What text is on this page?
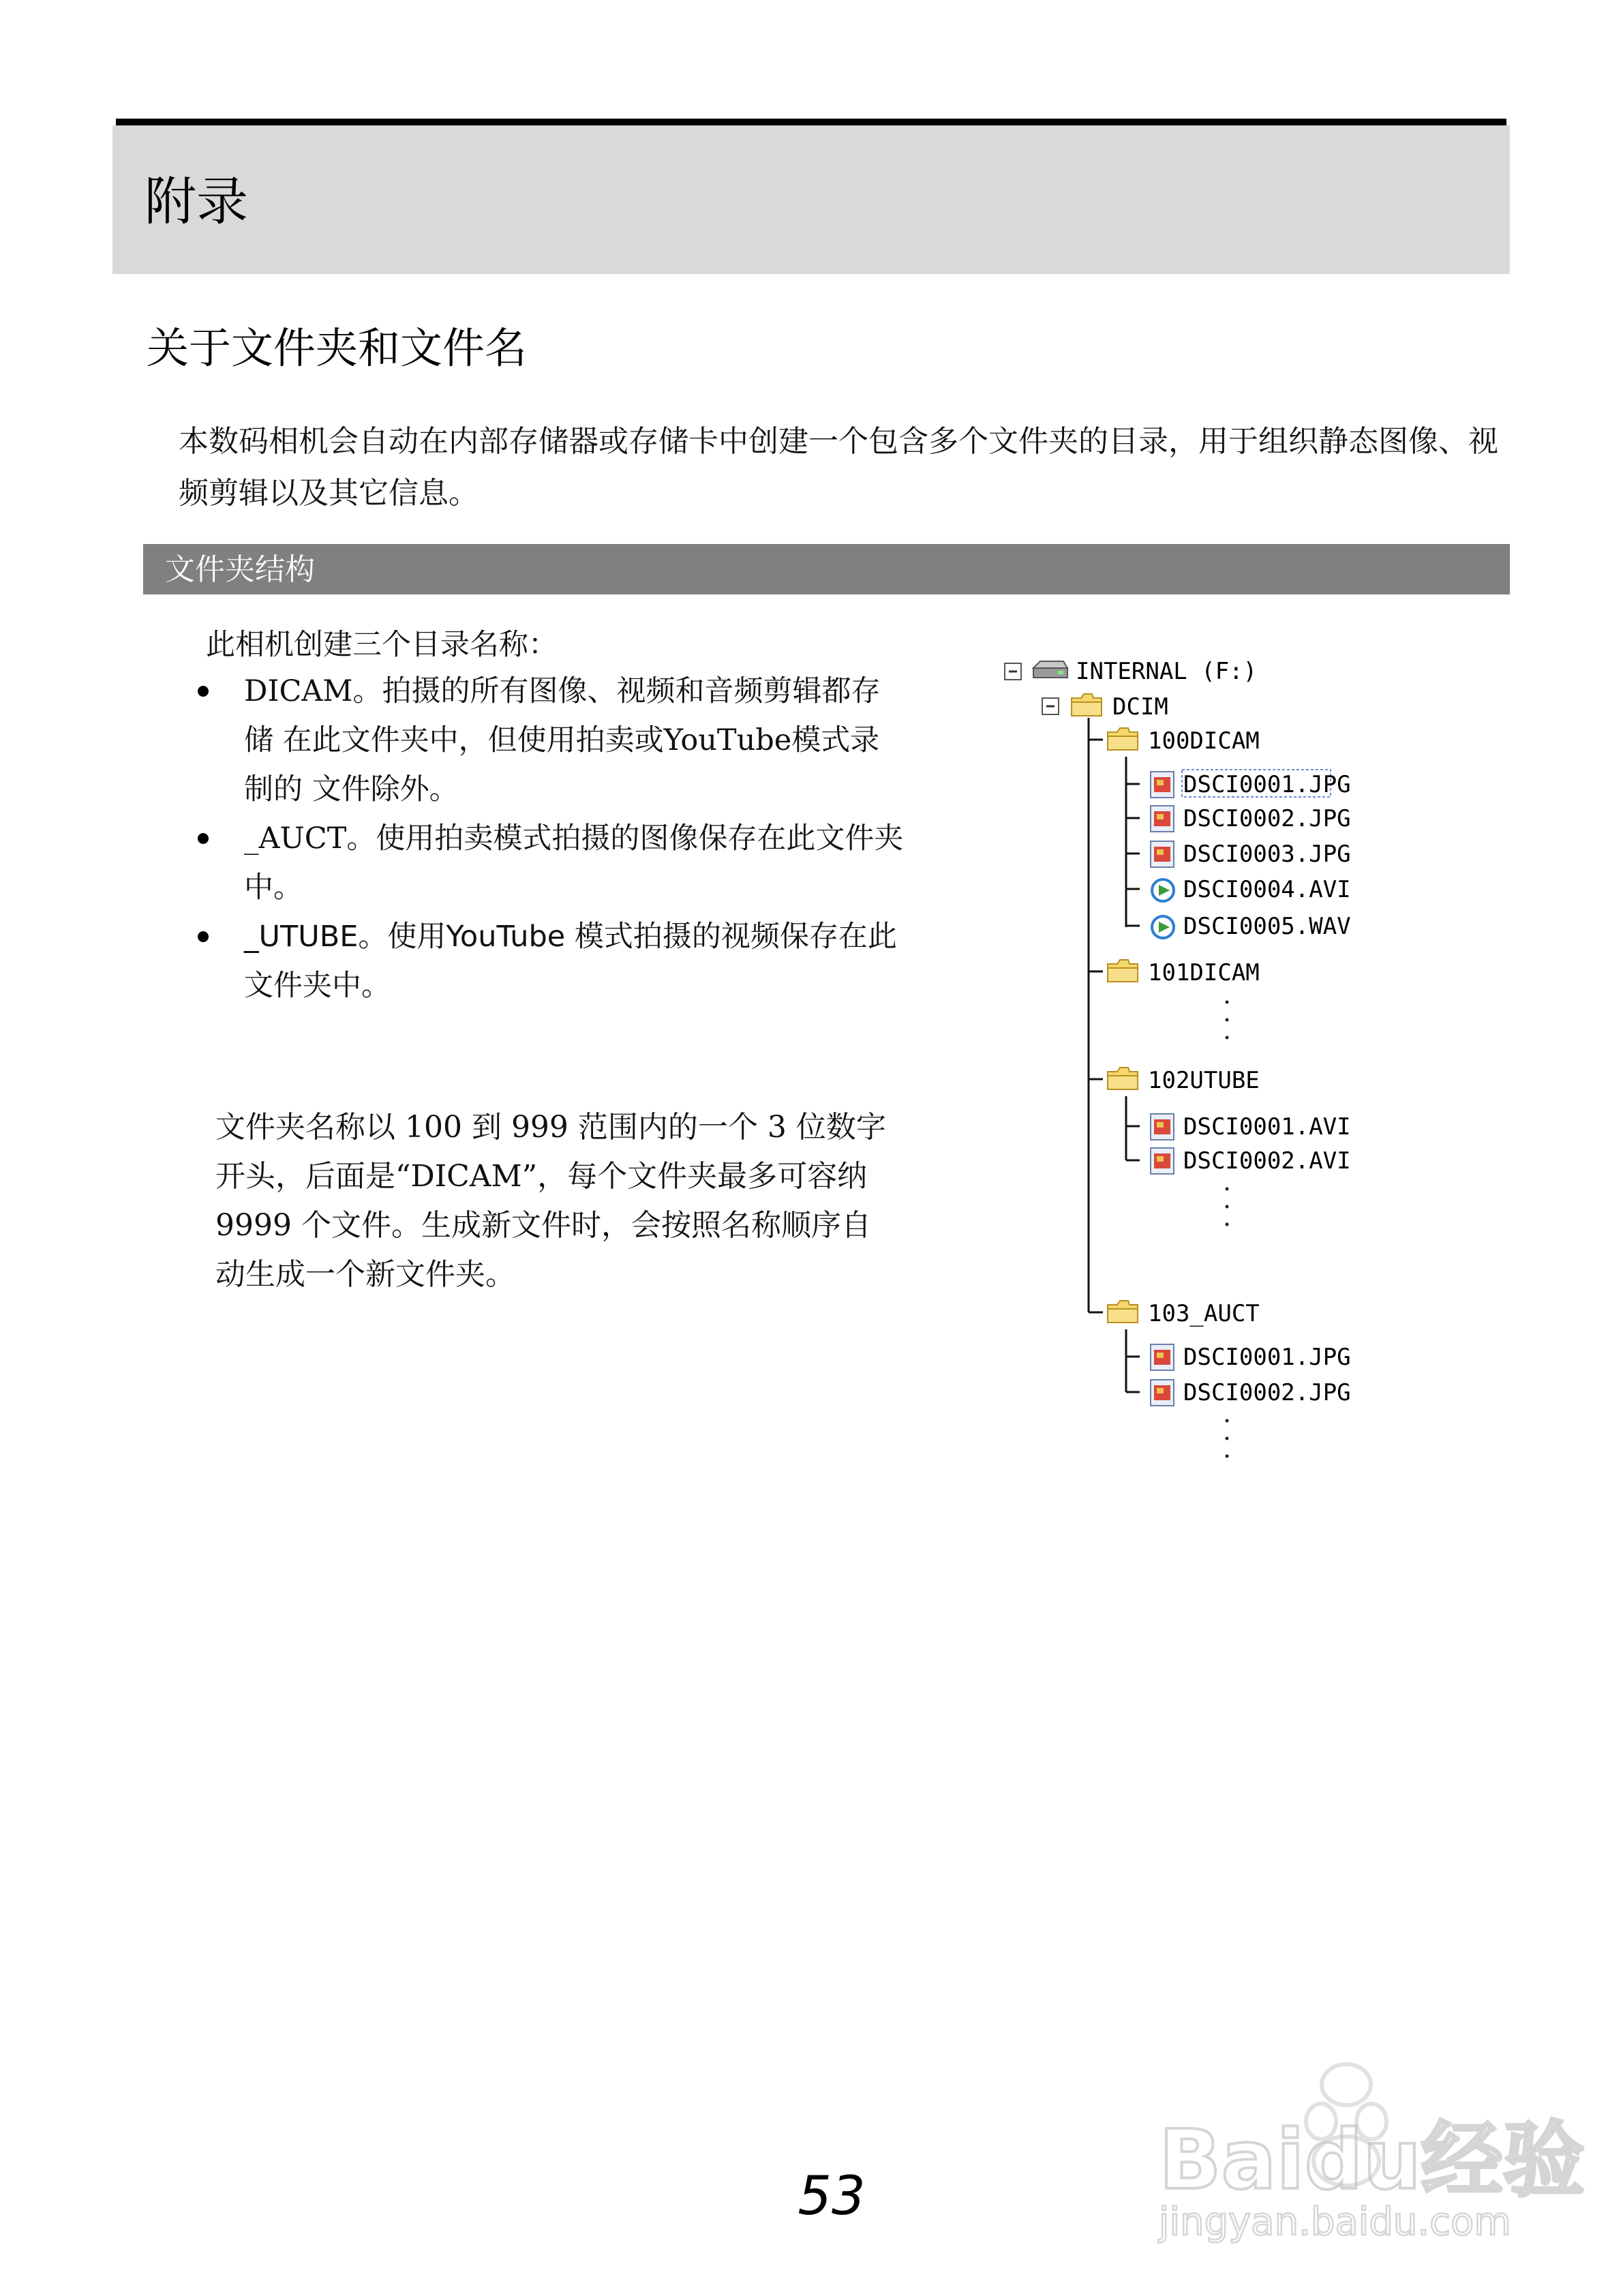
附录
关于文件夹和文件名
本数码相机会自动在内部存储器或存储卡中创建一个包含多个文件夹的目录，用于组织静态图像、视频剪辑以及其它信息。
文件夹结构
此相机创建三个目录名称：
DICAM。拍摄的所有图像、视频和音频剪辑都存储 在此文件夹中，但使用拍卖或YouTube模式录制的 文件除外。
_AUCT。使用拍卖模式拍摄的图像保存在此文件夹 中。
_UTUBE。使用YouTube 模式拍摄的视频保存在此 文件夹中。
文件夹名称以 100 到 999 范围内的一个 3 位数字开头，后面是“DICAM”，每个文件夹最多可容纳 9999 个文件。生成新文件时，会按照名称顺序自动生成一个新文件夹。
INTERNAL (F:)
DCIM
100DICAM
DSCI0001.JPG
DSCI0002.JPG
DSCI0003.JPG
DSCI0004.AVI
DSCI0005.WAV
101DICAM
102UTUBE
DSCI0001.AVI
DSCI0002.AVI
103_AUCT
DSCI0001.JPG
DSCI0002.JPG
53	Baidu经验
jingyan.baidu.com
